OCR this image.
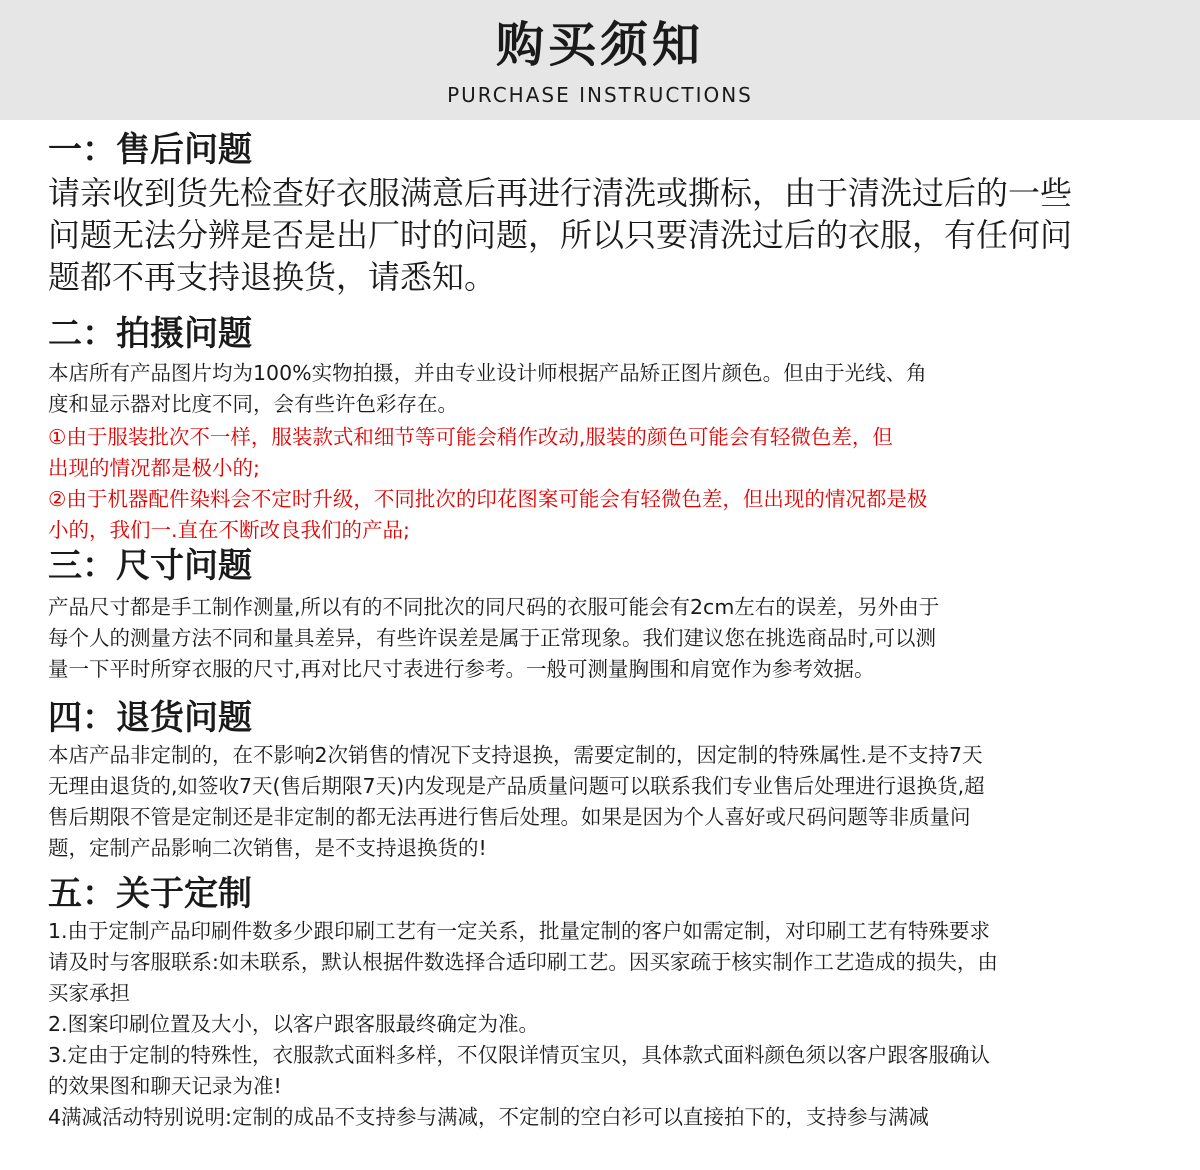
购买须知
PURCHASE INSTRUCTIONS

一：售后问题

请亲收到货先检查好衣服满意后再进行清洗或撕标，由于清洗过后的一些

问题无法分辨是否是出厂时的问题，所以只要清洗过后的衣服，有任何问

题都不再支持退换货，请悉知。

二：拍摄问题

本店所有产品图片均为100%实物拍摄，并由专业设计师根据产品矫正图片颜色。但由于光线、角

度和显示器对比度不同，会有些许色彩存在。

①由于服装批次不一样，服装款式和细节等可能会稍作改动,服装的颜色可能会有轻微色差，但

出现的情况都是极小的;

②由于机器配件染料会不定时升级，不同批次的印花图案可能会有轻微色差，但出现的情况都是极

小的，我们一.直在不断改良我们的产品;

三：尺寸问题

产品尺寸都是手工制作测量,所以有的不同批次的同尺码的衣服可能会有2cm左右的误差，另外由于

每个人的测量方法不同和量具差异，有些许误差是属于正常现象。我们建议您在挑选商品时,可以测

量一下平时所穿衣服的尺寸,再对比尺寸表进行参考。一般可测量胸围和肩宽作为参考效据。

四：退货问题

本店产品非定制的，在不影响2次销售的情况下支持退换，需要定制的，因定制的特殊属性.是不支持7天

无理由退货的,如签收7天(售后期限7天)内发现是产品质量问题可以联系我们专业售后处理进行退换货,超

售后期限不管是定制还是非定制的都无法再进行售后处理。如果是因为个人喜好或尺码问题等非质量问

题，定制产品影响二次销售，是不支持退换货的!

五：关于定制

1.由于定制产品印刷件数多少跟印刷工艺有一定关系，批量定制的客户如需定制，对印刷工艺有特殊要求

请及时与客服联系:如未联系，默认根据件数选择合适印刷工艺。因买家疏于核实制作工艺造成的损失，由

买家承担

2.图案印刷位置及大小，以客户跟客服最终确定为准。

3.定由于定制的特殊性，衣服款式面料多样，不仅限详情页宝贝，具体款式面料颜色须以客户跟客服确认

的效果图和聊天记录为准!

4满减活动特别说明:定制的成品不支持参与满减，不定制的空白衫可以直接拍下的，支持参与满减
